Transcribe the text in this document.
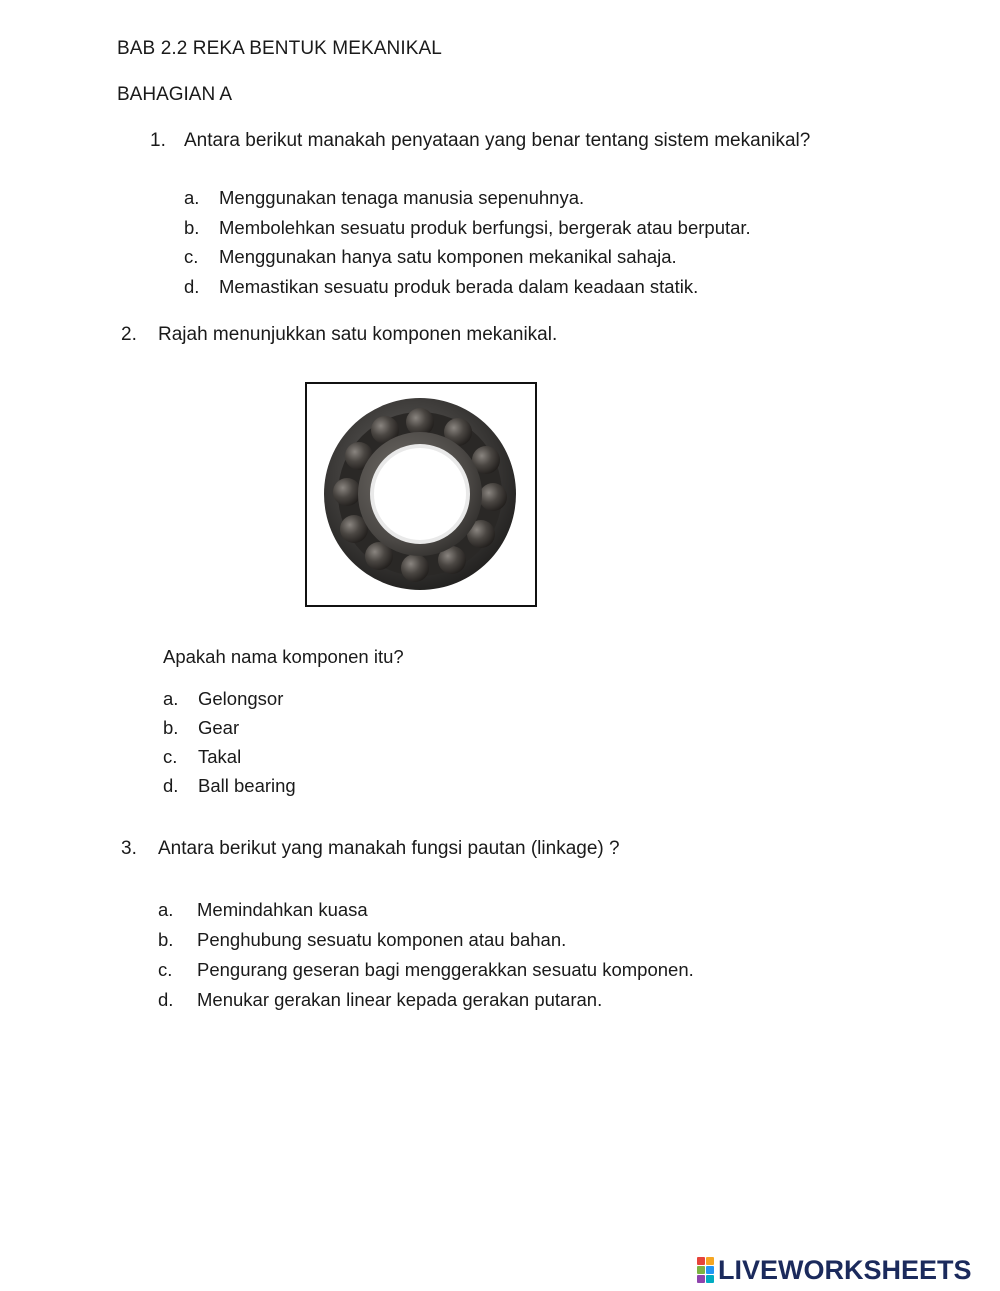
BAB 2.2 REKA BENTUK MEKANIKAL
BAHAGIAN A
1. Antara berikut manakah penyataan yang benar tentang sistem mekanikal?
a. Menggunakan tenaga manusia sepenuhnya.
b. Membolehkan sesuatu produk berfungsi, bergerak atau berputar.
c. Menggunakan hanya satu komponen mekanikal sahaja.
d. Memastikan sesuatu produk berada dalam keadaan statik.
2. Rajah menunjukkan satu komponen mekanikal.
Apakah nama komponen itu?
a. Gelongsor
b. Gear
c. Takal
d. Ball bearing
3. Antara berikut yang manakah fungsi pautan (linkage) ?
a. Memindahkan kuasa
b. Penghubung sesuatu komponen atau bahan.
c. Pengurang geseran bagi menggerakkan sesuatu komponen.
d. Menukar gerakan linear kepada gerakan putaran.
LIVEWORKSHEETS
